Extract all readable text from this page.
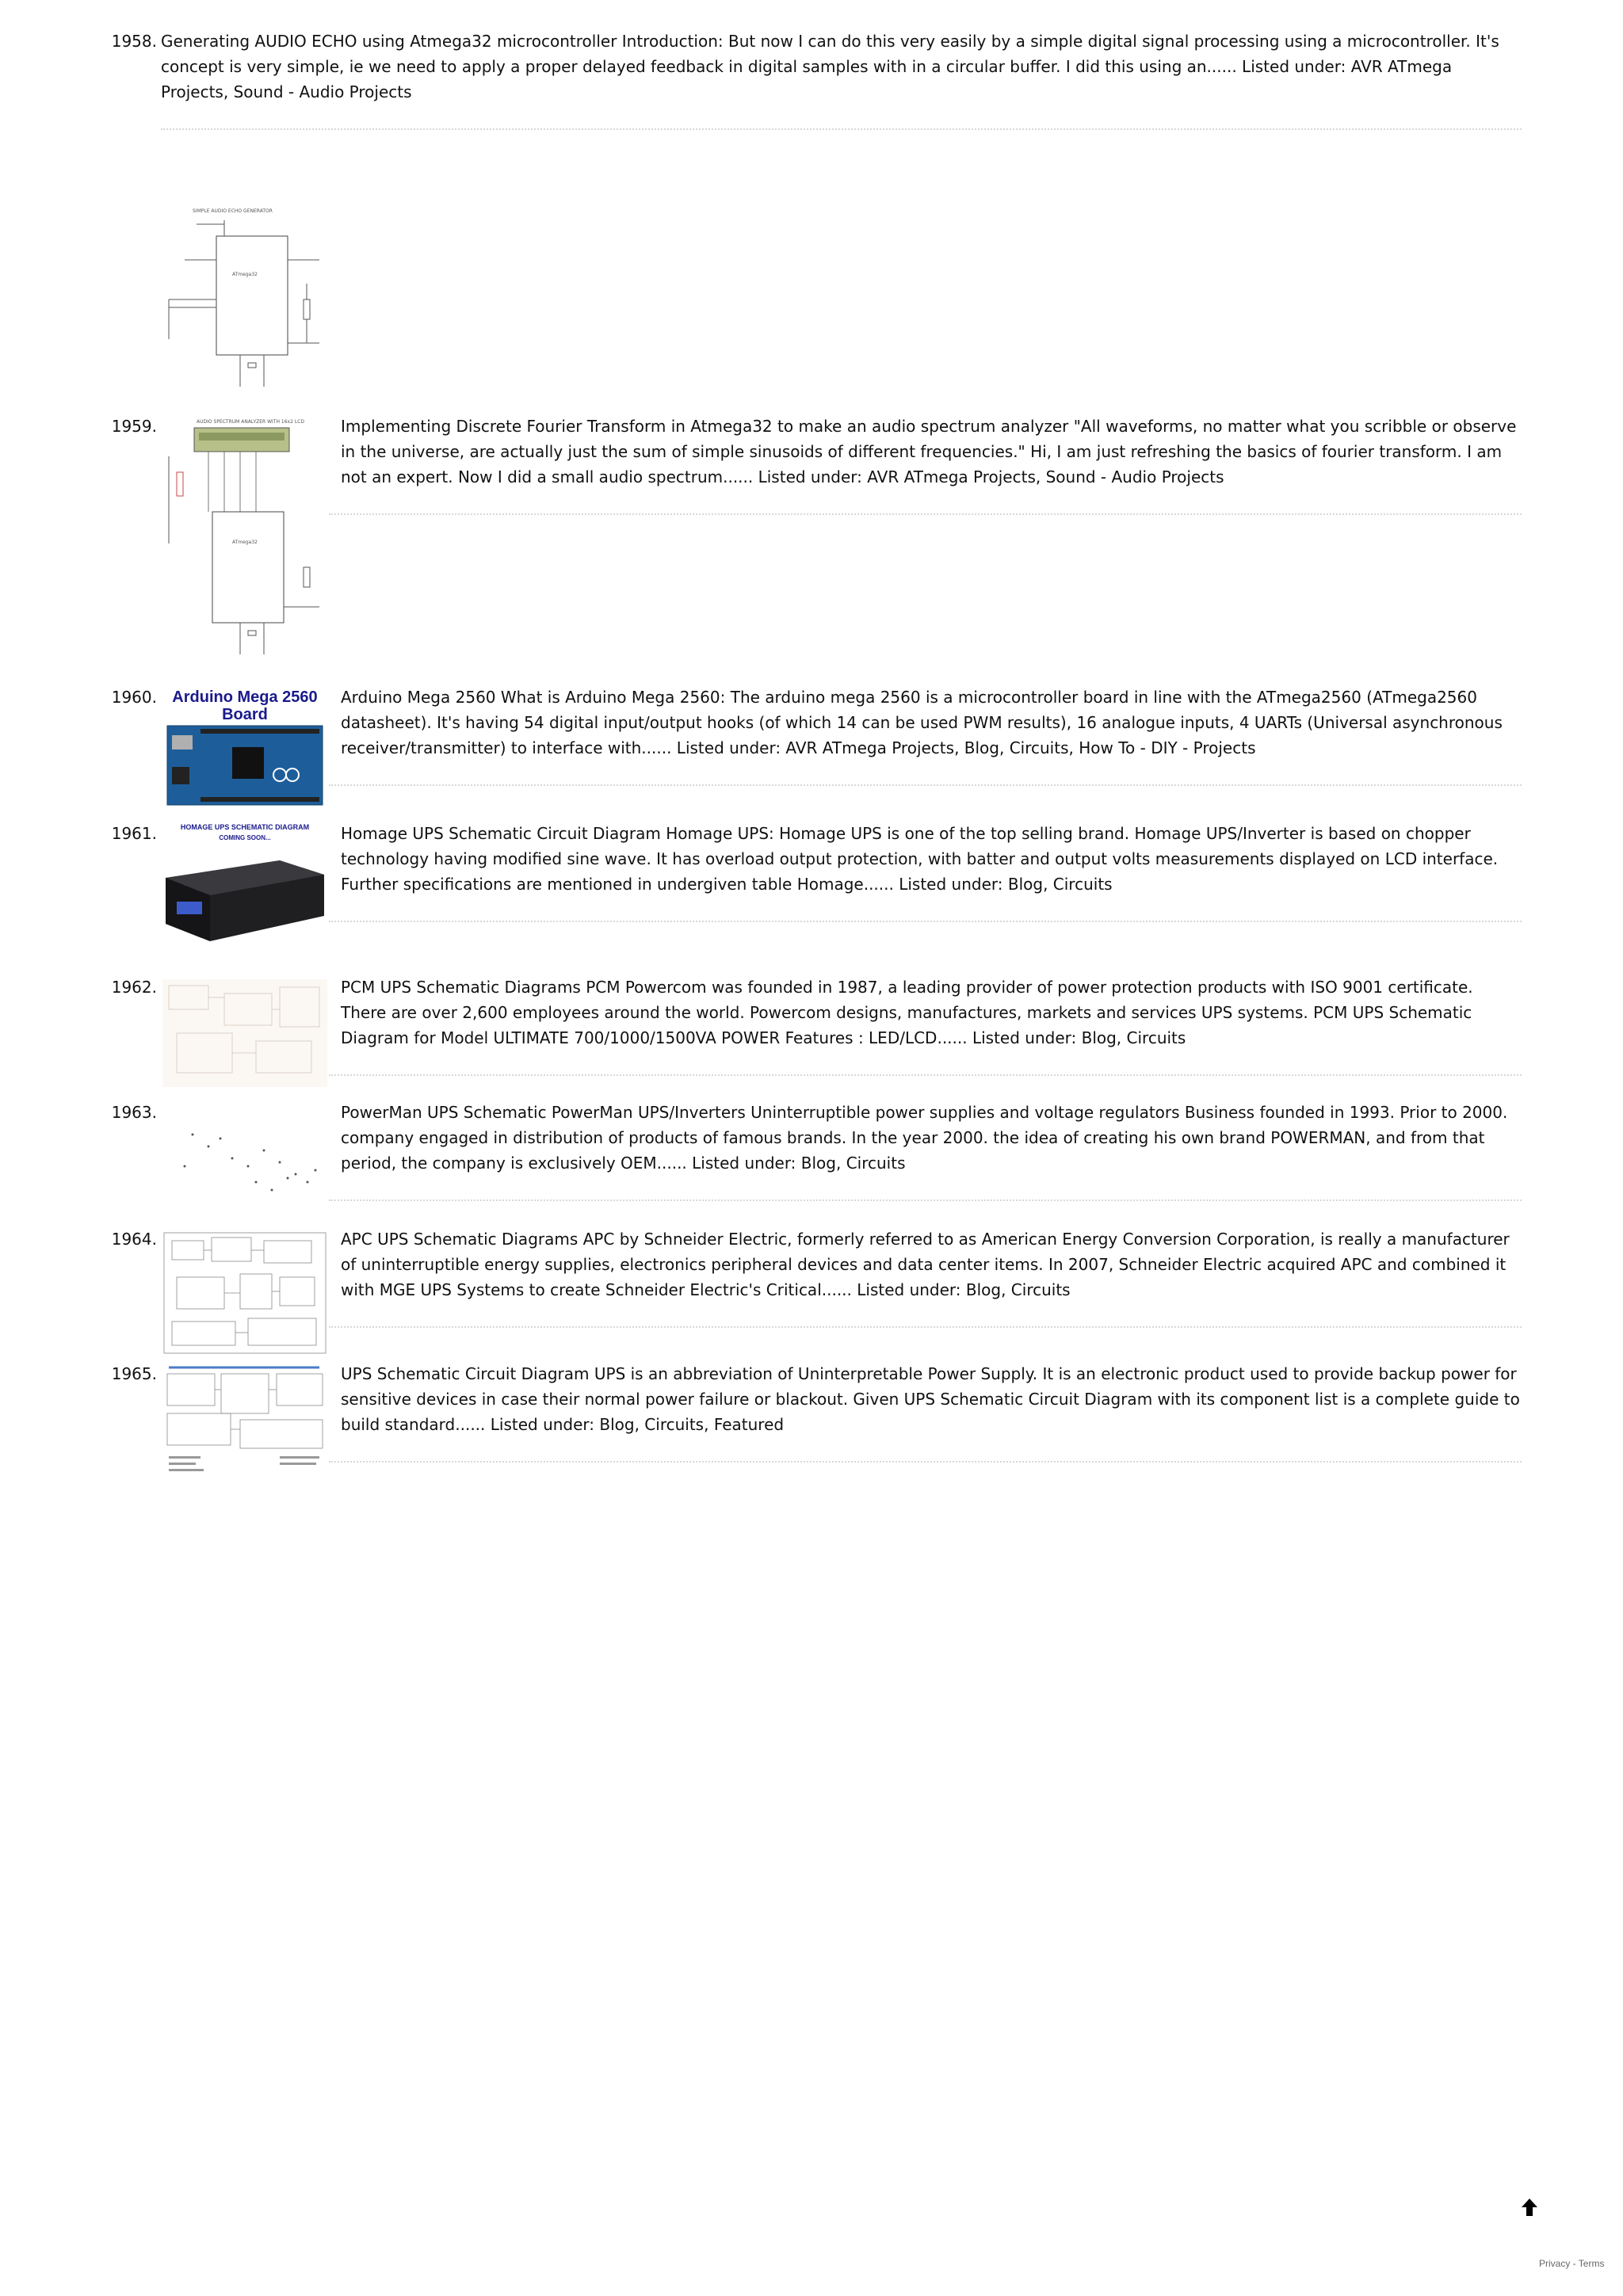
1958. Generating AUDIO ECHO using Atmega32 microcontroller Introduction: But now I can do this very easily by a simple digital signal processing using a microcontroller. It's concept is very simple, ie we need to apply a proper delayed feedback in digital samples with in a circular buffer. I did this using an...... Listed under: AVR ATmega Projects, Sound - Audio Projects
SIMPLE AUDIO ECHO GENERATOR
ATmega32
1959.	AUDIO SPECTRUM ANALYZER WITH 16x2 LCD
ATmega32
Implementing Discrete Fourier Transform in Atmega32 to make an audio spectrum analyzer "All waveforms, no matter what you scribble or observe in the universe, are actually just the sum of simple sinusoids of different frequencies." Hi, I am just refreshing the basics of fourier transform. I am not an expert. Now I did a small audio spectrum...... Listed under: AVR ATmega Projects, Sound - Audio Projects
1960. Arduino Mega 2560
Board
Arduino Mega 2560 What is Arduino Mega 2560: The arduino mega 2560 is a microcontroller board in line with the ATmega2560 (ATmega2560 datasheet). It's having 54 digital input/output hooks (of which 14 can be used PWM results), 16 analogue inputs, 4 UARTs (Universal asynchronous receiver/transmitter) to interface with...... Listed under: AVR ATmega Projects, Blog, Circuits, How To - DIY - Projects
1961.	HOMAGE UPS SCHEMATIC DIAGRAM
COMING SOON...	Homage UPS Schematic Circuit Diagram Homage UPS: Homage UPS is one of the top selling brand. Homage UPS/Inverter is based on chopper technology having modified sine wave. It has overload output protection, with batter and output volts measurements displayed on LCD interface. Further specifications are mentioned in undergiven table Homage...... Listed under: Blog, Circuits
1962.	PCM UPS Schematic Diagrams PCM Powercom was founded in 1987, a leading provider of power protection products with ISO 9001 certificate. There are over 2,600 employees around the world. Powercom designs, manufactures, markets and services UPS systems. PCM UPS Schematic Diagram for Model ULTIMATE 700/1000/1500VA POWER Features : LED/LCD...... Listed under: Blog, Circuits
1963.	PowerMan UPS Schematic PowerMan UPS/Inverters Uninterruptible power supplies and voltage regulators Business founded in 1993. Prior to 2000. company engaged in distribution of products of famous brands. In the year 2000. the idea of creating his own brand POWERMAN, and from that period, the company is exclusively OEM...... Listed under: Blog, Circuits
1964.	APC UPS Schematic Diagrams APC by Schneider Electric, formerly referred to as American Energy Conversion Corporation, is really a manufacturer of uninterruptible energy supplies, electronics peripheral devices and data center items. In 2007, Schneider Electric acquired APC and combined it with MGE UPS Systems to create Schneider Electric's Critical...... Listed under: Blog, Circuits
1965.	UPS Schematic Circuit Diagram UPS is an abbreviation of Uninterpretable Power Supply. It is an electronic product used to provide backup power for sensitive devices in case their normal power failure or blackout. Given UPS Schematic Circuit Diagram with its component list is a complete guide to build standard...... Listed under: Blog, Circuits, Featured
Privacy - Terms
